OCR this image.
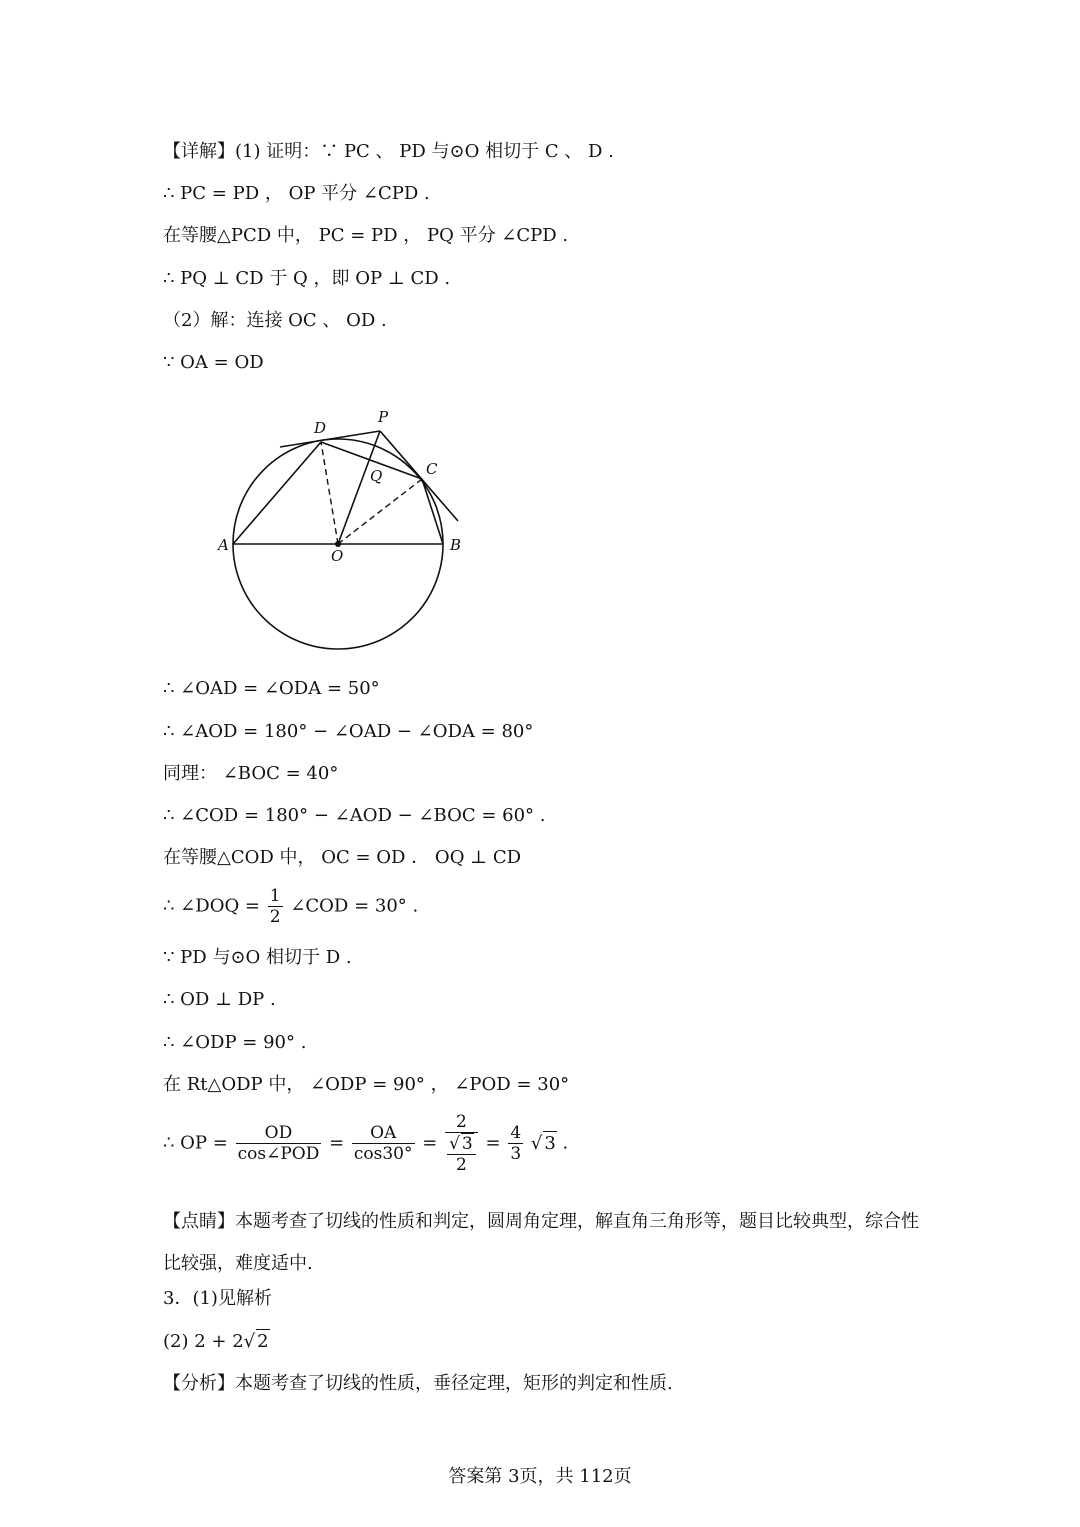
【详解】(1) 证明：∵ PC 、 PD 与⊙O 相切于 C 、 D .
∴ PC = PD ， OP 平分 ∠CPD .
在等腰△PCD 中， PC = PD ， PQ 平分 ∠CPD .
∴ PQ ⊥ CD 于 Q ，即 OP ⊥ CD .
（2）解：连接 OC 、 OD .
∵ OA = OD
P
D
C
Q
A
O
B
∴ ∠OAD = ∠ODA = 50°
∴ ∠AOD = 180° − ∠OAD − ∠ODA = 80°
同理： ∠BOC = 40°
∴ ∠COD = 180° − ∠AOD − ∠BOC = 60° .
在等腰△COD 中， OC = OD ． OQ ⊥ CD
∴ ∠DOQ = $\frac{1}{2}$ ∠COD = 30° .
∵ PD 与⊙O 相切于 D .
∴ OD ⊥ DP .
∴ ∠ODP = 90° .
在 Rt△ODP 中， ∠ODP = 90° ， ∠POD = 30°
∴ OP = $\frac{OD}{\text{cos∠POD}} = \frac{OA}{\cos 30^\circ} = \frac{2}{\frac{√ 3}{2}} = \frac{4}{3}$ √ 3 .
【点睛】本题考查了切线的性质和判定，圆周角定理，解直角三角形等，题目比较典型，综合性比较强，难度适中.
3．(1)见解析
(2) 2 + 2√ 2
【分析】本题考查了切线的性质，垂径定理，矩形的判定和性质.
答案第 3页，共 112页
